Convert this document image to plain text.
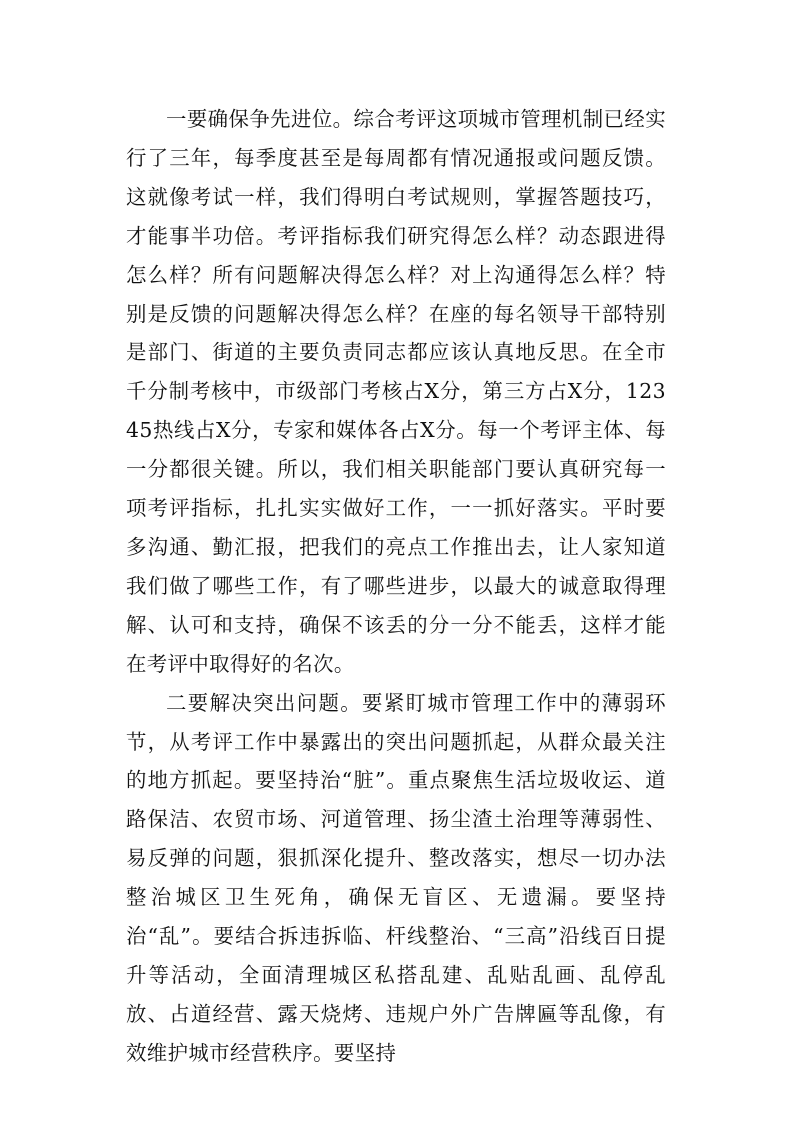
一要确保争先进位。综合考评这项城市管理机制已经实行了三年，每季度甚至是每周都有情况通报或问题反馈。这就像考试一样，我们得明白考试规则，掌握答题技巧，才能事半功倍。考评指标我们研究得怎么样？动态跟进得怎么样？所有问题解决得怎么样？对上沟通得怎么样？特别是反馈的问题解决得怎么样？在座的每名领导干部特别是部门、街道的主要负责同志都应该认真地反思。在全市千分制考核中，市级部门考核占X分，第三方占X分，12345热线占X分，专家和媒体各占X分。每一个考评主体、每一分都很关键。所以，我们相关职能部门要认真研究每一项考评指标，扎扎实实做好工作，一一抓好落实。平时要多沟通、勤汇报，把我们的亮点工作推出去，让人家知道我们做了哪些工作，有了哪些进步，以最大的诚意取得理解、认可和支持，确保不该丢的分一分不能丢，这样才能在考评中取得好的名次。

二要解决突出问题。要紧盯城市管理工作中的薄弱环节，从考评工作中暴露出的突出问题抓起，从群众最关注的地方抓起。要坚持治“脏”。重点聚焦生活垃圾收运、道路保洁、农贸市场、河道管理、扬尘渣土治理等薄弱性、易反弹的问题，狠抓深化提升、整改落实，想尽一切办法整治城区卫生死角，确保无盲区、无遗漏。要坚持治“乱”。要结合拆违拆临、杆线整治、“三高”沿线百日提升等活动，全面清理城区私搭乱建、乱贴乱画、乱停乱放、占道经营、露天烧烤、违规户外广告牌匾等乱像，有效维护城市经营秩序。要坚持
